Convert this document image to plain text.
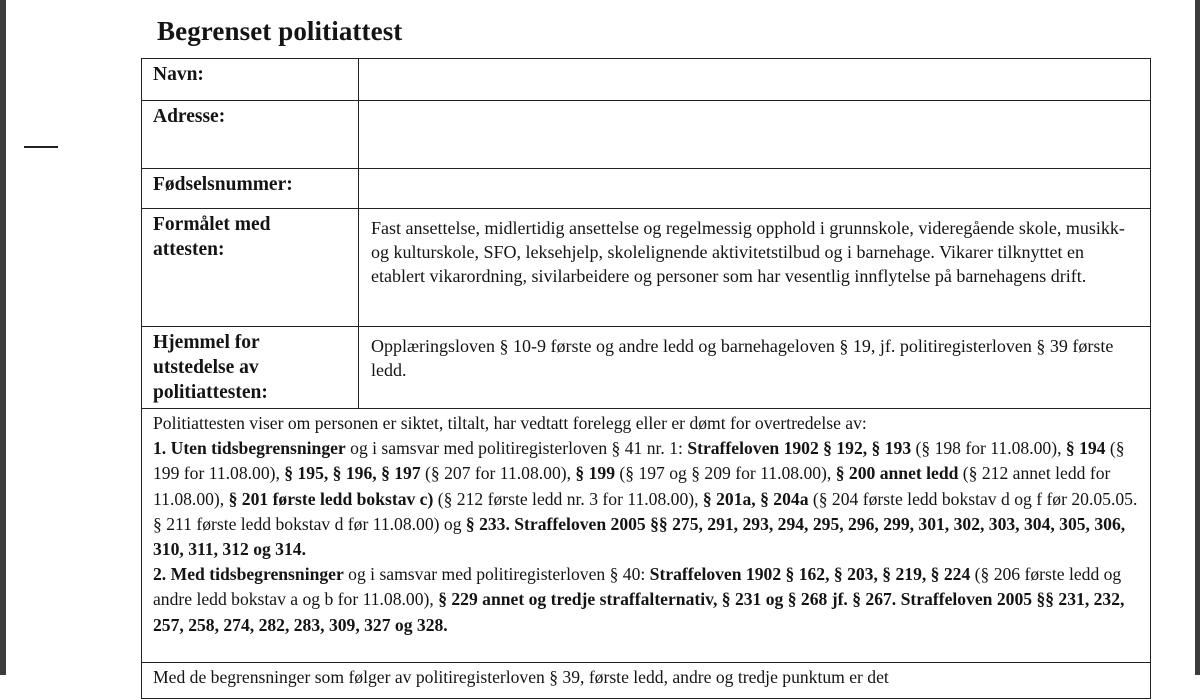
Begrenset politiattest
Navn:	
Adresse:	
Fødselsnummer:	

Formålet med
attesten:	Fast ansettelse, midlertidig ansettelse og regelmessig opphold i grunnskole, videregående skole, musikk- og kulturskole, SFO, leksehjelp, skolelignende aktivitetstilbud og i barnehage. Vikarer tilknyttet en etablert vikarordning, sivilarbeidere og personer som har vesentlig innflytelse på barnehagens drift.

Hjemmel for
utstedelse av
politiattesten:	Opplæringsloven § 10-9 første og andre ledd og barnehageloven § 19, jf. politiregisterloven § 39 første ledd.

Politiattesten viser om personen er siktet, tiltalt, har vedtatt forelegg eller er dømt for overtredelse av:

1. Uten tidsbegrensninger og i samsvar med politiregisterloven § 41 nr. 1: Straffeloven 1902 § 192, § 193 (§ 198 for 11.08.00), § 194 (§ 199 for 11.08.00), § 195, § 196, § 197 (§ 207 for 11.08.00), § 199 (§ 197 og § 209 for 11.08.00), § 200 annet ledd (§ 212 annet ledd for 11.08.00), § 201 første ledd bokstav c) (§ 212 første ledd nr. 3 for 11.08.00), § 201a, § 204a (§ 204 første ledd bokstav d og f før 20.05.05. § 211 første ledd bokstav d før 11.08.00) og § 233. Straffeloven 2005 §§ 275, 291, 293, 294, 295, 296, 299, 301, 302, 303, 304, 305, 306, 310, 311, 312 og 314.

2. Med tidsbegrensninger og i samsvar med politiregisterloven § 40: Straffeloven 1902 § 162, § 203, § 219, § 224 (§ 206 første ledd og andre ledd bokstav a og b for 11.08.00), § 229 annet og tredje straffalternativ, § 231 og § 268 jf. § 267. Straffeloven 2005 §§ 231, 232, 257, 258, 274, 282, 283, 309, 327 og 328.	

Med de begrensninger som følger av politiregisterloven § 39, første ledd, andre og tredje punktum er det	
